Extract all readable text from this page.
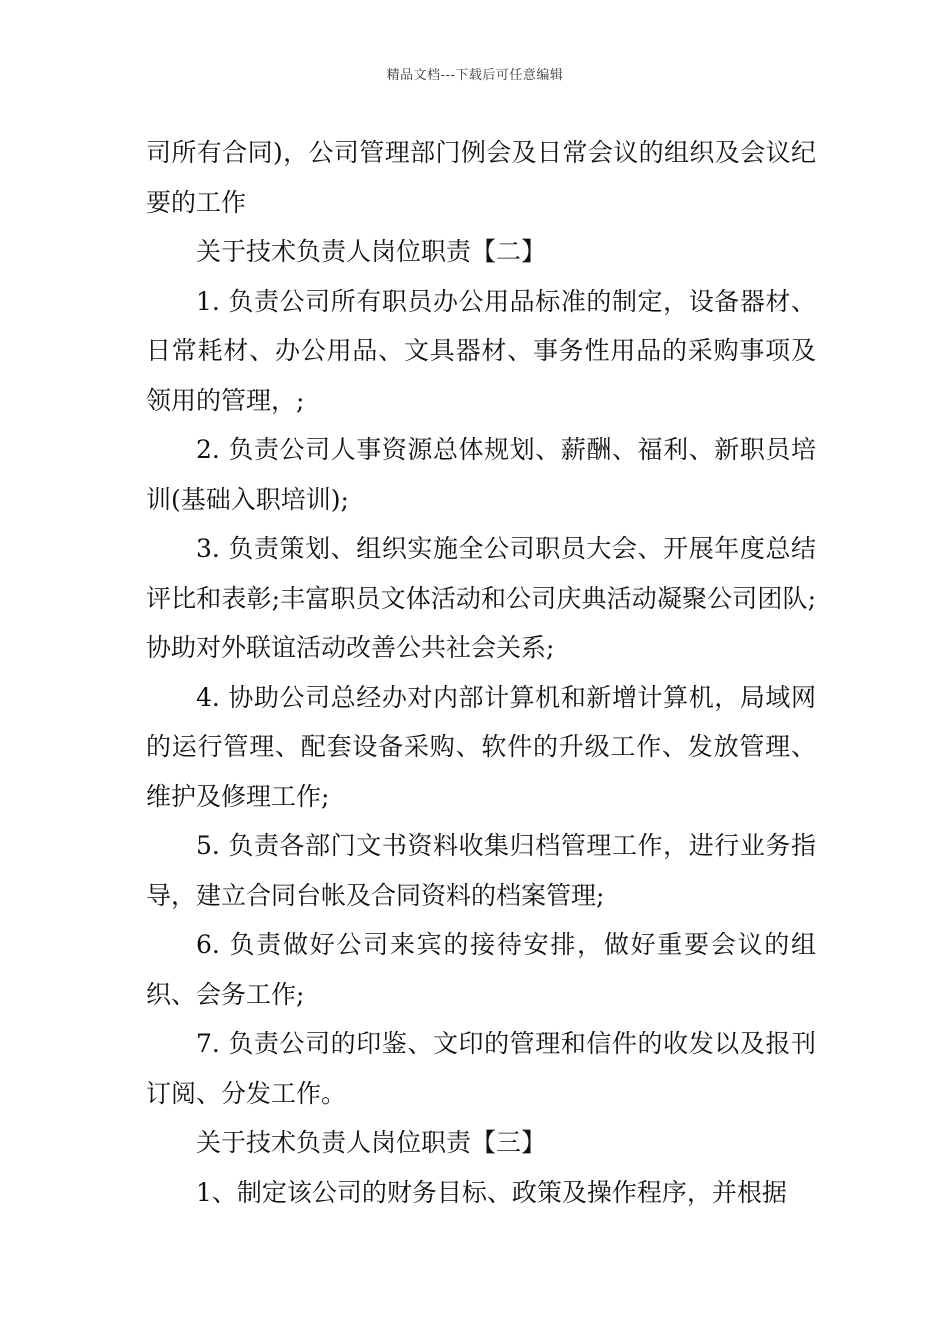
精品文档---下载后可任意编辑

司所有合同)，公司管理部门例会及日常会议的组织及会议纪要的工作

关于技术负责人岗位职责【二】

1. 负责公司所有职员办公用品标准的制定，设备器材、日常耗材、办公用品、文具器材、事务性用品的采购事项及领用的管理，;

2. 负责公司人事资源总体规划、薪酬、福利、新职员培训(基础入职培训);

3. 负责策划、组织实施全公司职员大会、开展年度总结评比和表彰;丰富职员文体活动和公司庆典活动凝聚公司团队;协助对外联谊活动改善公共社会关系;

4. 协助公司总经办对内部计算机和新增计算机，局域网的运行管理、配套设备采购、软件的升级工作、发放管理、维护及修理工作;

5. 负责各部门文书资料收集归档管理工作，进行业务指导，建立合同台帐及合同资料的档案管理;

6. 负责做好公司来宾的接待安排，做好重要会议的组织、会务工作;

7. 负责公司的印鉴、文印的管理和信件的收发以及报刊订阅、分发工作。

关于技术负责人岗位职责【三】

1、制定该公司的财务目标、政策及操作程序，并根据
